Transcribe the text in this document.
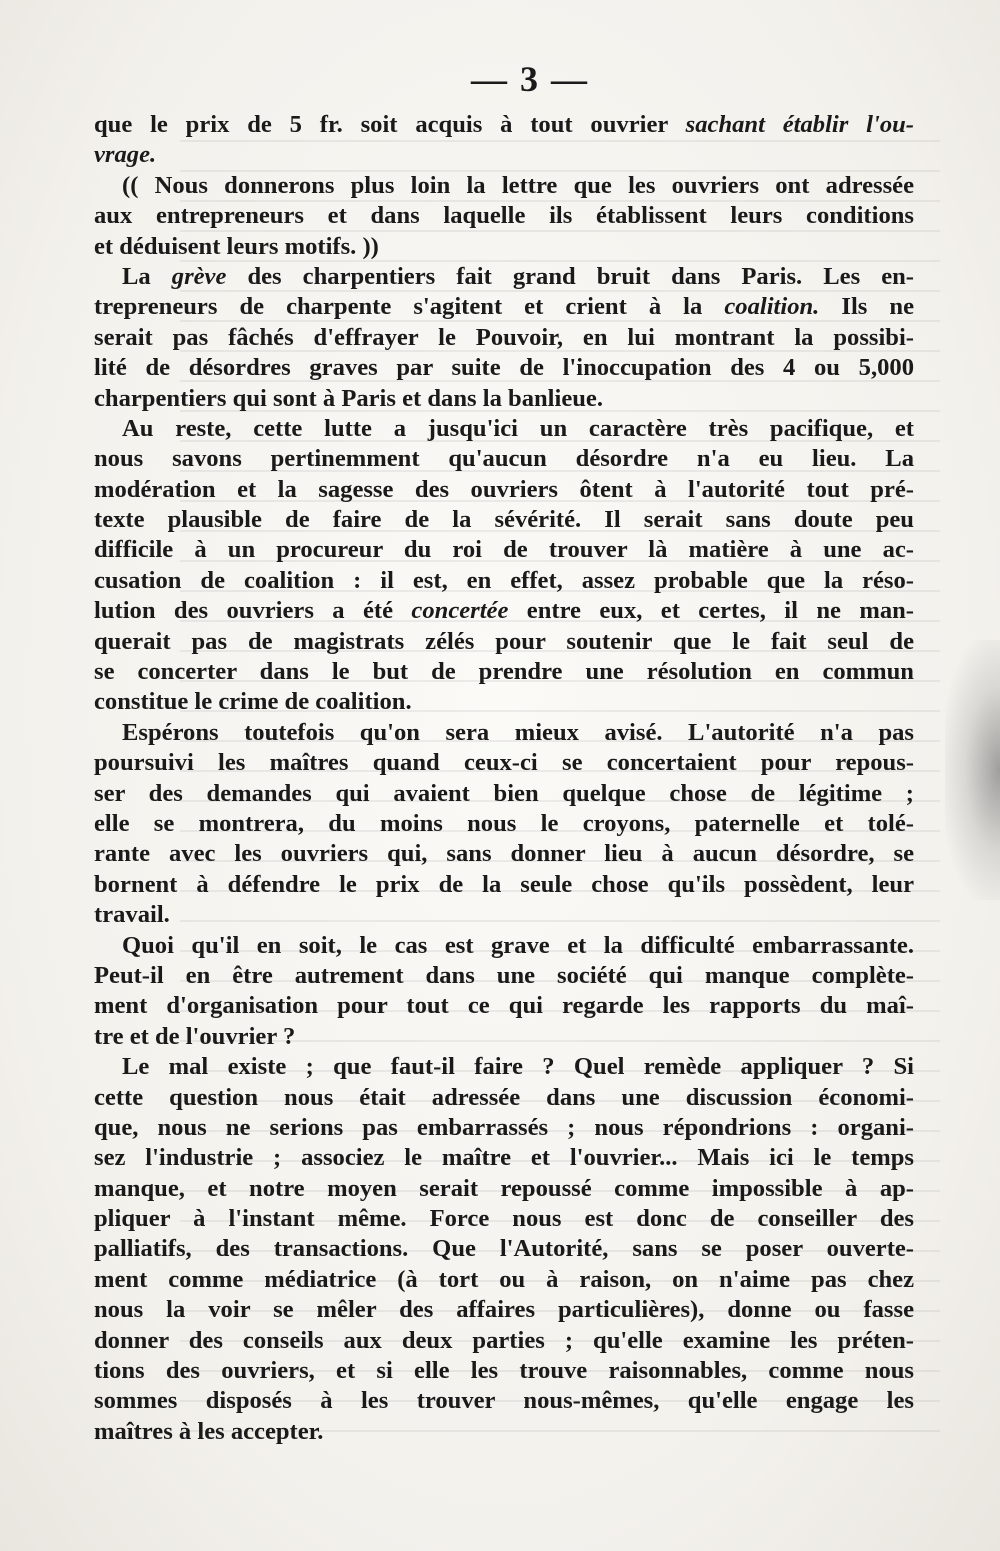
— 3 —
que le prix de 5 fr. soit acquis à tout ouvrier sachant établir l'ou-
vrage.
(( Nous donnerons plus loin la lettre que les ouvriers ont adressée
aux entrepreneurs et dans laquelle ils établissent leurs conditions
et déduisent leurs motifs. ))
La grève des charpentiers fait grand bruit dans Paris. Les en-
trepreneurs de charpente s'agitent et crient à la coalition. Ils ne
serait pas fâchés d'effrayer le Pouvoir, en lui montrant la possibi-
lité de désordres graves par suite de l'inoccupation des 4 ou 5,000
charpentiers qui sont à Paris et dans la banlieue.
Au reste, cette lutte a jusqu'ici un caractère très pacifique, et
nous savons pertinemment qu'aucun désordre n'a eu lieu. La
modération et la sagesse des ouvriers ôtent à l'autorité tout pré-
texte plausible de faire de la sévérité. Il serait sans doute peu
difficile à un procureur du roi de trouver là matière à une ac-
cusation de coalition : il est, en effet, assez probable que la réso-
lution des ouvriers a été concertée entre eux, et certes, il ne man-
querait pas de magistrats zélés pour soutenir que le fait seul de
se concerter dans le but de prendre une résolution en commun
constitue le crime de coalition.
Espérons toutefois qu'on sera mieux avisé. L'autorité n'a pas
poursuivi les maîtres quand ceux-ci se concertaient pour repous-
ser des demandes qui avaient bien quelque chose de légitime ;
elle se montrera, du moins nous le croyons, paternelle et tolé-
rante avec les ouvriers qui, sans donner lieu à aucun désordre, se
bornent à défendre le prix de la seule chose qu'ils possèdent, leur
travail.
Quoi qu'il en soit, le cas est grave et la difficulté embarrassante.
Peut-il en être autrement dans une société qui manque complète-
ment d'organisation pour tout ce qui regarde les rapports du maî-
tre et de l'ouvrier ?
Le mal existe ; que faut-il faire ? Quel remède appliquer ? Si
cette question nous était adressée dans une discussion économi-
que, nous ne serions pas embarrassés ; nous répondrions : organi-
sez l'industrie ; associez le maître et l'ouvrier... Mais ici le temps
manque, et notre moyen serait repoussé comme impossible à ap-
pliquer à l'instant même. Force nous est donc de conseiller des
palliatifs, des transactions. Que l'Autorité, sans se poser ouverte-
ment comme médiatrice (à tort ou à raison, on n'aime pas chez
nous la voir se mêler des affaires particulières), donne ou fasse
donner des conseils aux deux parties ; qu'elle examine les préten-
tions des ouvriers, et si elle les trouve raisonnables, comme nous
sommes disposés à les trouver nous-mêmes, qu'elle engage les
maîtres à les accepter.
